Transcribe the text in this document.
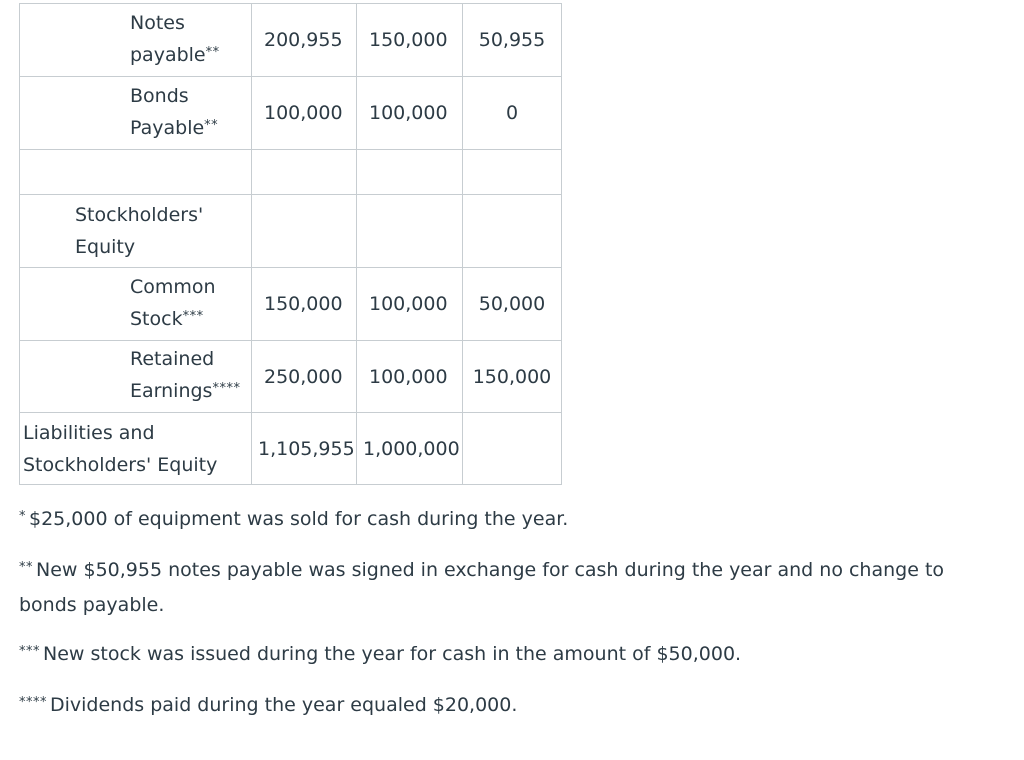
Notes payable**	200,955	150,000	50,955

Bonds Payable**	100,000	100,000	0

Stockholders' Equity			

Common Stock***	150,000	100,000	50,000

Retained Earnings****	250,000	100,000	150,000

Liabilities and Stockholders' Equity	1,105,955	1,000,000	

* $25,000 of equipment was sold for cash during the year.

** New $50,955 notes payable was signed in exchange for cash during the year and no change to bonds payable.

*** New stock was issued during the year for cash in the amount of $50,000.

**** Dividends paid during the year equaled $20,000.
